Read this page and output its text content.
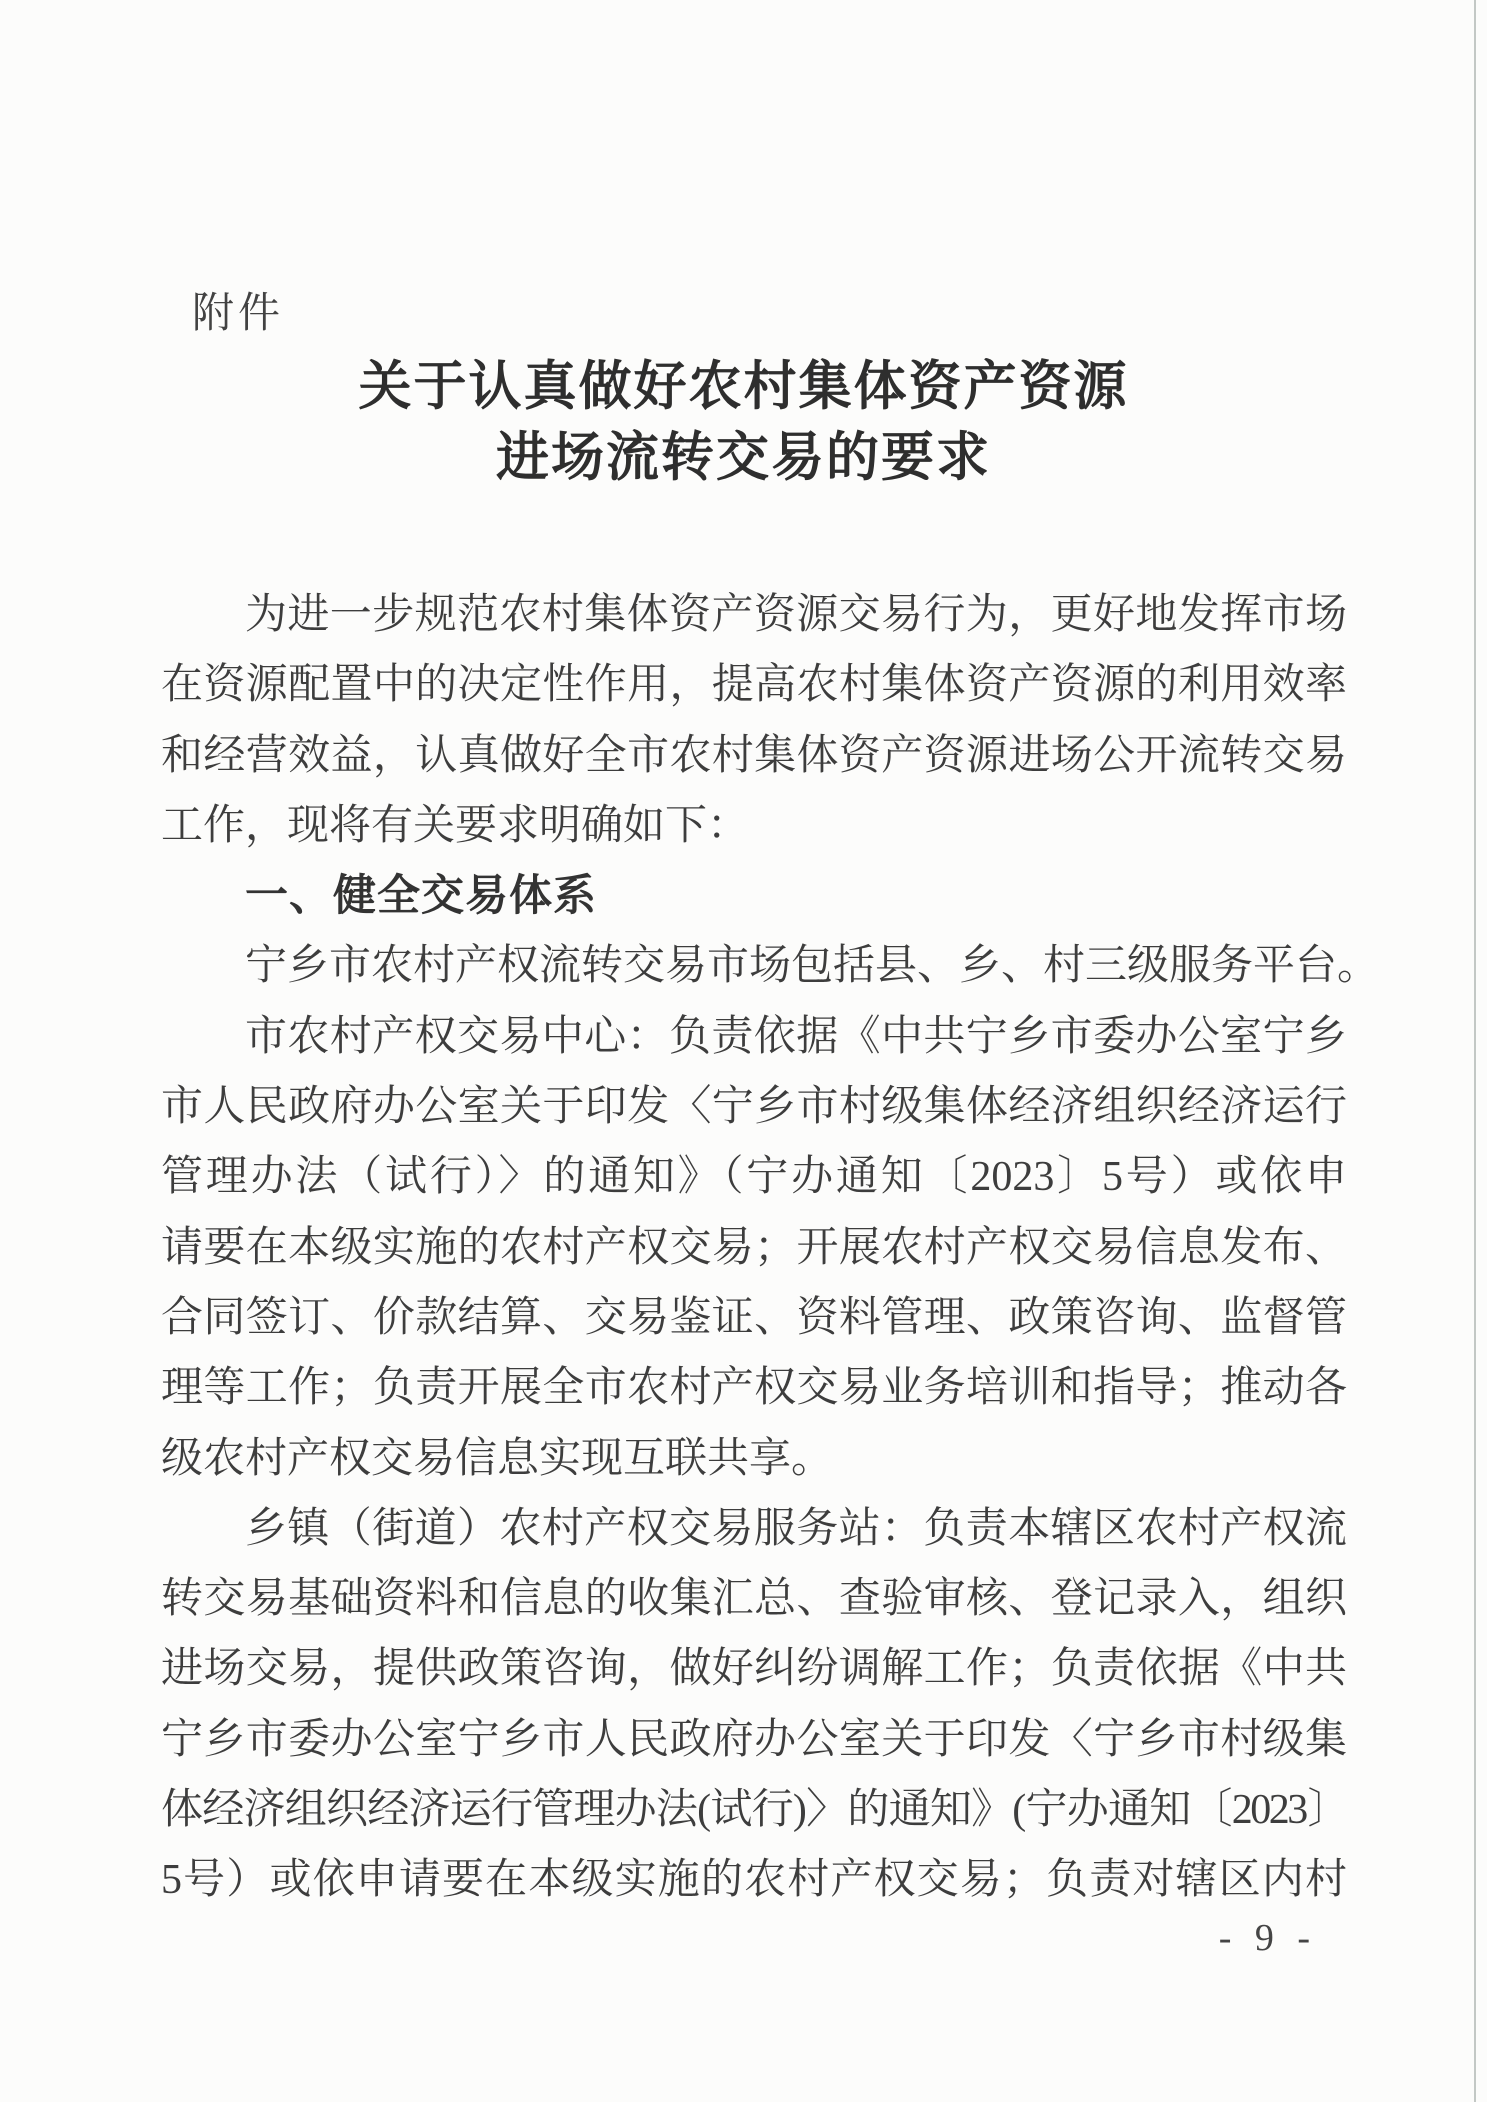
附件
关于认真做好农村集体资产资源
进场流转交易的要求
为进一步规范农村集体资产资源交易行为，更好地发挥市场
在资源配置中的决定性作用，提高农村集体资产资源的利用效率
和经营效益，认真做好全市农村集体资产资源进场公开流转交易
工作，现将有关要求明确如下：
一、健全交易体系
宁乡市农村产权流转交易市场包括县、乡、村三级服务平台。
市农村产权交易中心：负责依据《中共宁乡市委办公室宁乡
市人民政府办公室关于印发〈宁乡市村级集体经济组织经济运行
管理办法（试行）〉的通知》（宁办通知〔2023〕5号）或依申
请要在本级实施的农村产权交易；开展农村产权交易信息发布、
合同签订、价款结算、交易鉴证、资料管理、政策咨询、监督管
理等工作；负责开展全市农村产权交易业务培训和指导；推动各
级农村产权交易信息实现互联共享。
乡镇（街道）农村产权交易服务站：负责本辖区农村产权流
转交易基础资料和信息的收集汇总、查验审核、登记录入，组织
进场交易，提供政策咨询，做好纠纷调解工作；负责依据《中共
宁乡市委办公室宁乡市人民政府办公室关于印发〈宁乡市村级集
体经济组织经济运行管理办法(试行)〉的通知》(宁办通知〔2023〕
5号）或依申请要在本级实施的农村产权交易；负责对辖区内村
- 9 -
